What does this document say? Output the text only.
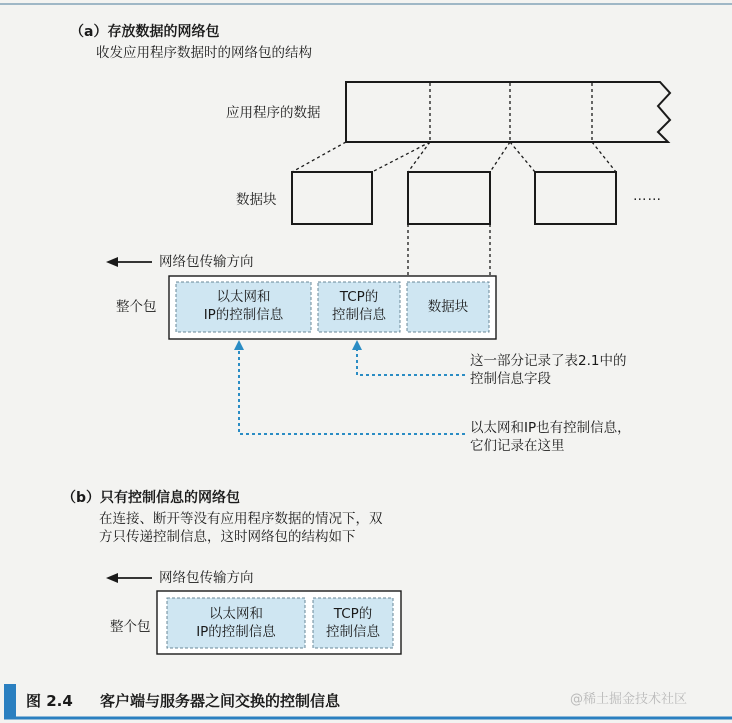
（a）存放数据的网络包
收发应用程序数据时的网络包的结构
应用程序的数据
数据块	……
网络包传输方向
整个包
以太网和
IP的控制信息
TCP的
控制信息	数据块
这一部分记录了表2.1中的
控制信息字段
以太网和IP也有控制信息，
它们记录在这里
（b）只有控制信息的网络包
在连接、断开等没有应用程序数据的情况下，双
方只传递控制信息，这时网络包的结构如下
网络包传输方向
整个包
以太网和
IP的控制信息
TCP的
控制信息
图 2.4 客户端与服务器之间交换的控制信息	@稀土掘金技术社区
